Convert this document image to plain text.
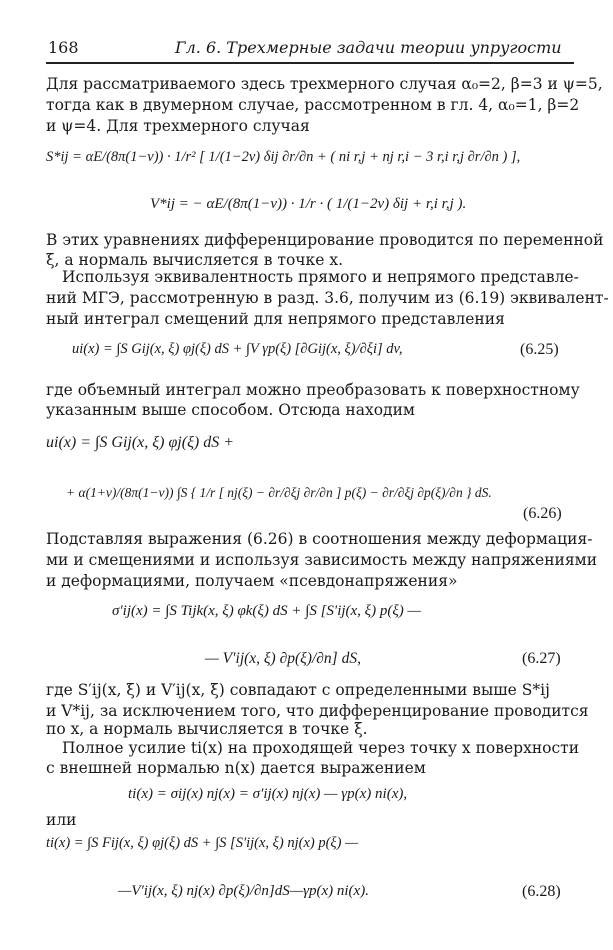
168	Гл. 6. Трехмерные задачи теории упругости
Для рассматриваемого здесь трехмерного случая α₀=2, β=3 и ψ=5,
тогда как в двумерном случае, рассмотренном в гл. 4, α₀=1, β=2
и ψ=4. Для трехмерного случая
S*ij = αE/(8π(1−ν)) · 1/r² [ 1/(1−2ν) δij ∂r/∂n + ( ni r,j + nj r,i − 3 r,i r,j ∂r/∂n ) ],
V*ij = − αE/(8π(1−ν)) · 1/r · ( 1/(1−2ν) δij + r,i r,j ).
В этих уравнениях дифференцирование проводится по переменной
ξ, а нормаль вычисляется в точке x.
Используя эквивалентность прямого и непрямого представле-
ний МГЭ, рассмотренную в разд. 3.6, получим из (6.19) эквивалент-
ный интеграл смещений для непрямого представления
ui(x) = ∫S Gij(x, ξ) φj(ξ) dS + ∫V γp(ξ) [∂Gij(x, ξ)/∂ξi] dv,	(6.25)
где объемный интеграл можно преобразовать к поверхностному
указанным выше способом. Отсюда находим
ui(x) = ∫S Gij(x, ξ) φj(ξ) dS +
+ α(1+ν)/(8π(1−ν)) ∫S { 1/r [ nj(ξ) − ∂r/∂ξj ∂r/∂n ] p(ξ) − ∂r/∂ξj ∂p(ξ)/∂n } dS.
(6.26)
Подставляя выражения (6.26) в соотношения между деформация-
ми и смещениями и используя зависимость между напряжениями
и деформациями, получаем «псевдонапряжения»
σ′ij(x) = ∫S Tijk(x, ξ) φk(ξ) dS + ∫S [S′ij(x, ξ) p(ξ) —
— V′ij(x, ξ) ∂p(ξ)/∂n] dS,	(6.27)
где S′ij(x, ξ) и V′ij(x, ξ) совпадают с определенными выше S*ij
и V*ij, за исключением того, что дифференцирование проводится
по x, а нормаль вычисляется в точке ξ.
Полное усилие ti(x) на проходящей через точку x поверхности
с внешней нормалью n(x) дается выражением
ti(x) = σij(x) nj(x) = σ′ij(x) nj(x) — γp(x) ni(x),
или
ti(x) = ∫S Fij(x, ξ) φj(ξ) dS + ∫S [S′ij(x, ξ) nj(x) p(ξ) —
—V′ij(x, ξ) nj(x) ∂p(ξ)/∂n]dS—γp(x) ni(x).	(6.28)
